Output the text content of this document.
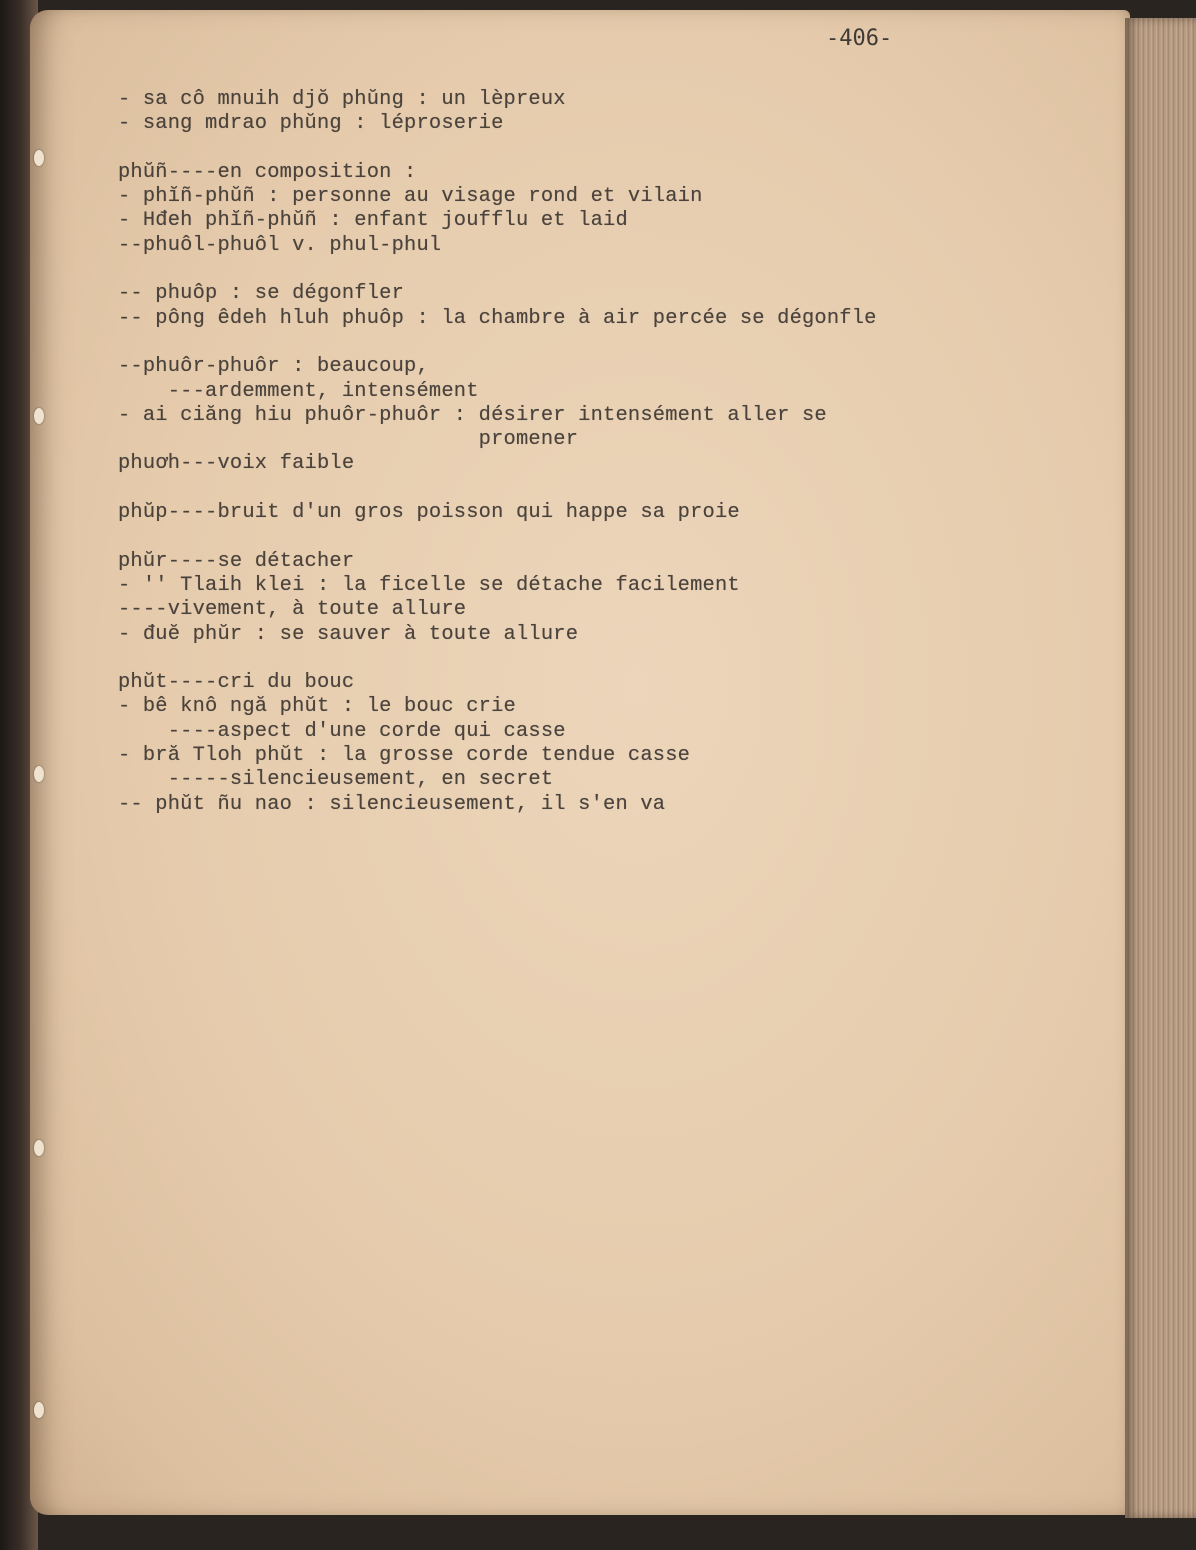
-406-
- sa cô mnuih djŏ phŭng : un lèpreux
- sang mdrao phŭng : léproserie
phŭñ----en composition :
- phĭñ-phŭñ : personne au visage rond et vilain
- Hđeh phĭñ-phŭñ : enfant joufflu et laid
--phuôl-phuôl v. phul-phul
-- phuôp : se dégonfler
-- pông êdeh hluh phuôp : la chambre à air percée se dégonfle
--phuôr-phuôr : beaucoup,
---ardemment, intensément
- ai ciăng hiu phuôr-phuôr : désirer intensément aller se
promener
phuơh---voix faible
phŭp----bruit d'un gros poisson qui happe sa proie
phŭr----se détacher
- '' Tlaih klei : la ficelle se détache facilement
----vivement, à toute allure
- đuĕ phŭr : se sauver à toute allure
phŭt----cri du bouc
- bê knô ngă phŭt : le bouc crie
----aspect d'une corde qui casse
- bră Tloh phŭt : la grosse corde tendue casse
-----silencieusement, en secret
-- phŭt ñu nao : silencieusement, il s'en va
